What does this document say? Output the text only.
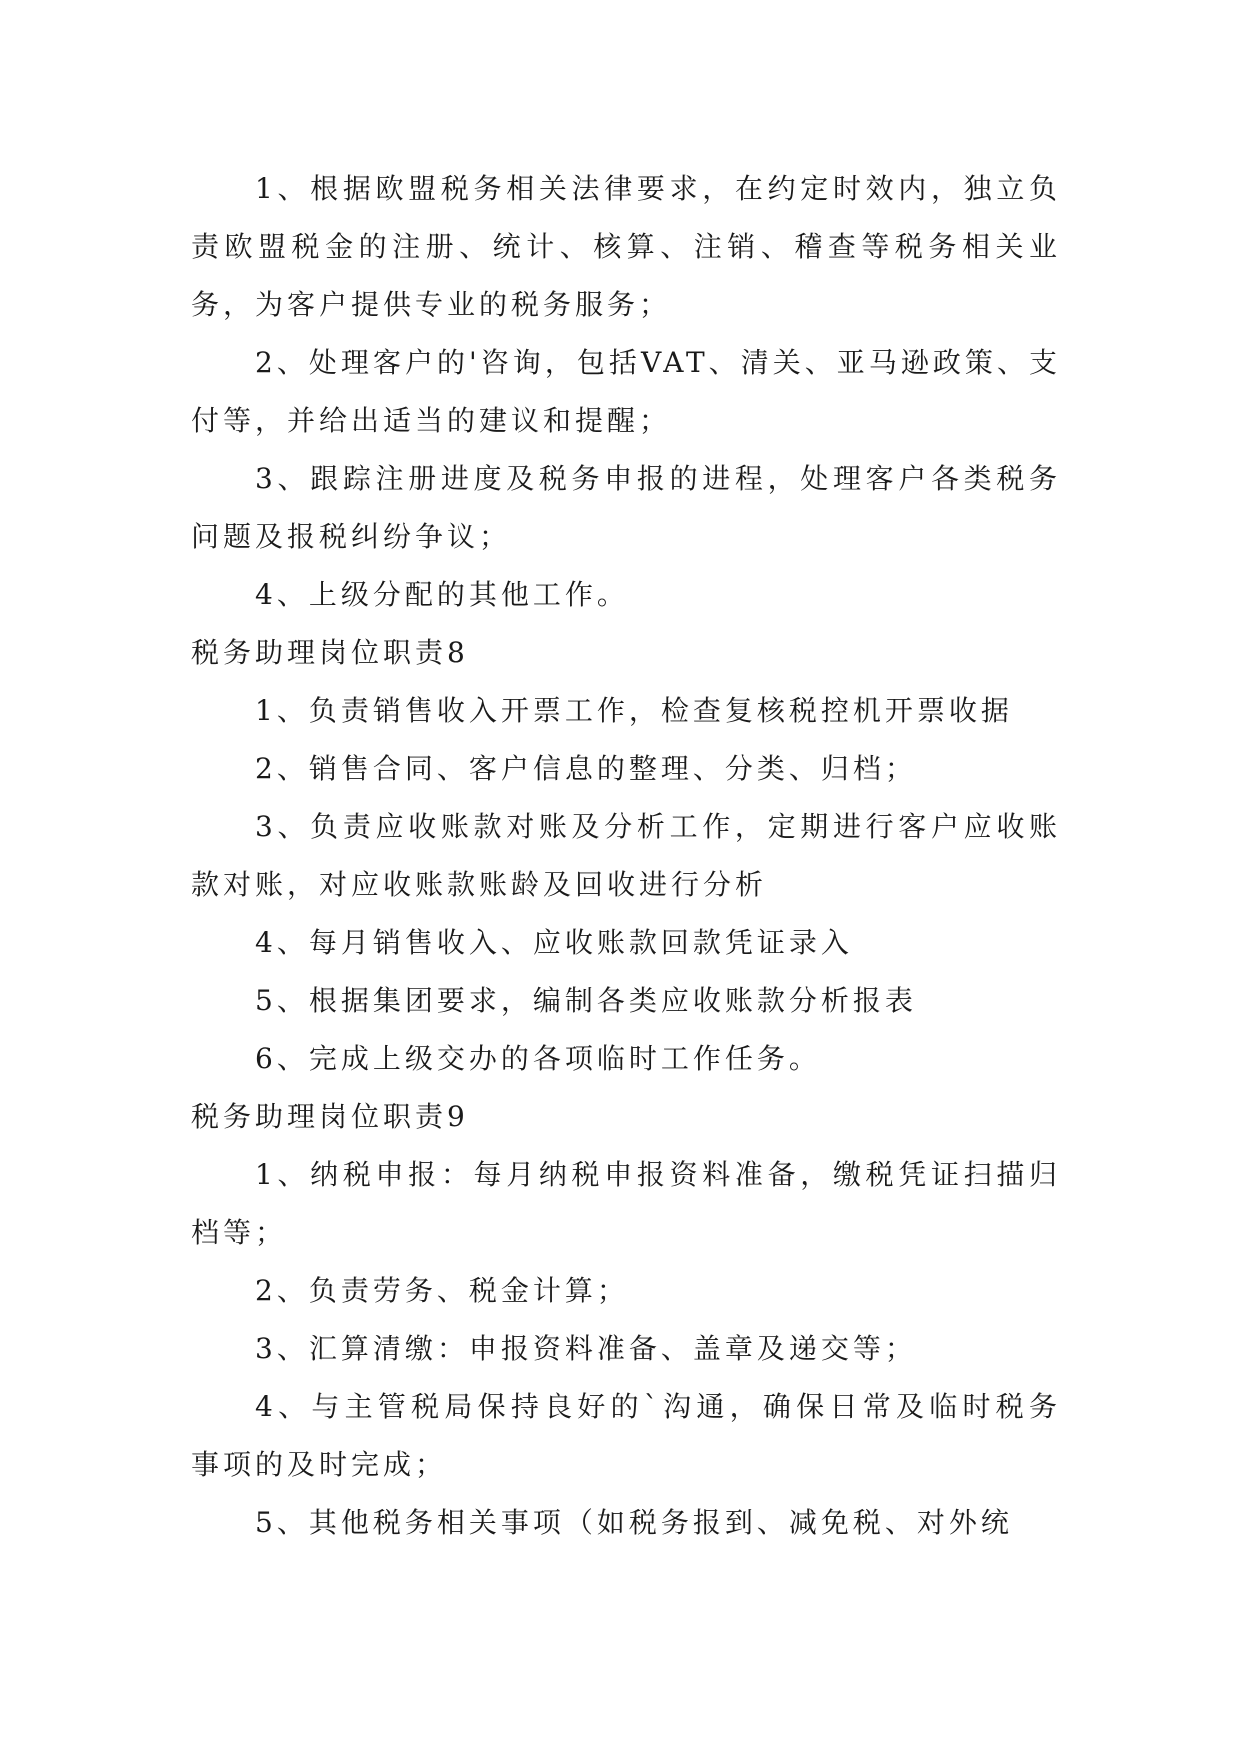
1、根据欧盟税务相关法律要求，在约定时效内，独立负责欧盟税金的注册、统计、核算、注销、稽查等税务相关业务，为客户提供专业的税务服务；

2、处理客户的'咨询，包括VAT、清关、亚马逊政策、支付等，并给出适当的建议和提醒；

3、跟踪注册进度及税务申报的进程，处理客户各类税务问题及报税纠纷争议；

4、上级分配的其他工作。

税务助理岗位职责8

1、负责销售收入开票工作，检查复核税控机开票收据

2、销售合同、客户信息的整理、分类、归档；

3、负责应收账款对账及分析工作，定期进行客户应收账款对账，对应收账款账龄及回收进行分析

4、每月销售收入、应收账款回款凭证录入

5、根据集团要求，编制各类应收账款分析报表

6、完成上级交办的各项临时工作任务。

税务助理岗位职责9

1、纳税申报：每月纳税申报资料准备，缴税凭证扫描归档等；

2、负责劳务、税金计算；

3、汇算清缴：申报资料准备、盖章及递交等；

4、与主管税局保持良好的`沟通，确保日常及临时税务事项的及时完成；

5、其他税务相关事项（如税务报到、减免税、对外统
